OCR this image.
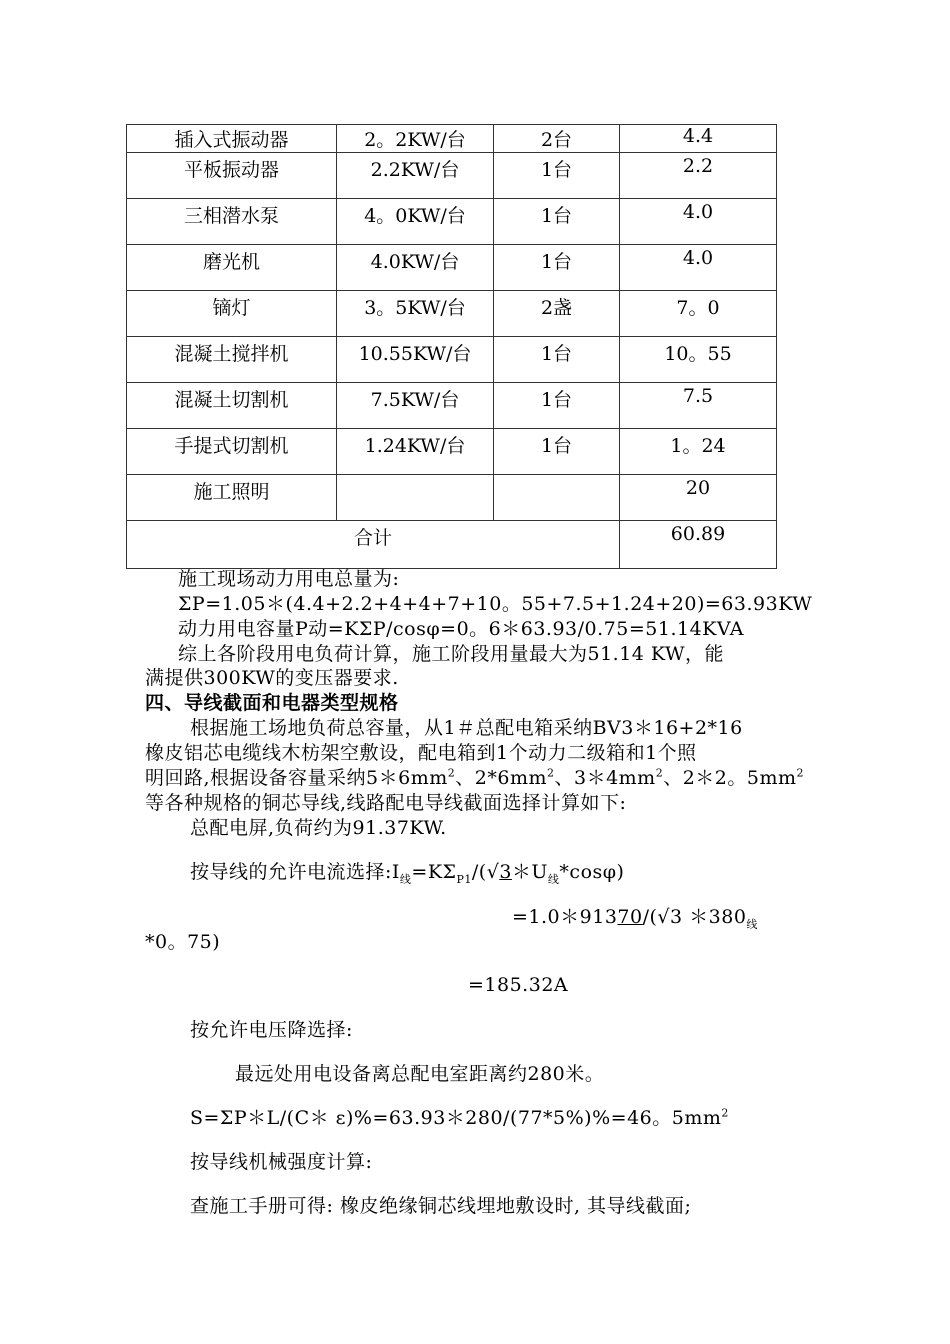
插入式振动器	2。2KW/台	2台	4.4
平板振动器	2.2KW/台	1台	2.2
三相潜水泵	4。0KW/台	1台	4.0
磨光机	4.0KW/台	1台	4.0
镝灯	3。5KW/台	2盏	7。0
混凝土搅拌机	10.55KW/台	1台	10。55
混凝土切割机	7.5KW/台	1台	7.5
手提式切割机	1.24KW/台	1台	1。24
施工照明			20
合计			60.89
施工现场动力用电总量为:
ΣP=1.05＊(4.4+2.2+4+4+7+10。55+7.5+1.24+20)=63.93KW
动力用电容量P动=KΣP/cosφ=0。6＊63.93/0.75=51.14KVA
综上各阶段用电负荷计算，施工阶段用量最大为51.14 KW，能
满提供300KW的变压器要求.
四、导线截面和电器类型规格
根据施工场地负荷总容量，从1＃总配电箱采纳BV3＊16+2*16
橡皮铝芯电缆线木枋架空敷设，配电箱到1个动力二级箱和1个照
明回路,根据设备容量采纳$5*6mm^2$、$2*6mm^2$、$3*4mm^2$、2＊2。$5mm^2$
等各种规格的铜芯导线,线路配电导线截面选择计算如下:
总配电屏,负荷约为91.37KW.
按导线的允许电流选择$:Ⅰ_线=K\Sigma_{P1}/(√3*U_线*\cos\varphi)$
=1.0＊91370/(√3 $*380_线$
*0。75)
=185.32A
按允许电压降选择:
最远处用电设备离总配电室距离约280米。
S=ΣP＊L/(C＊ ε)%=63.93＊280/(77*5%)%=46。$5mm^2$
按导线机械强度计算:
查施工手册可得: 橡皮绝缘铜芯线埋地敷设时, 其导线截面;
